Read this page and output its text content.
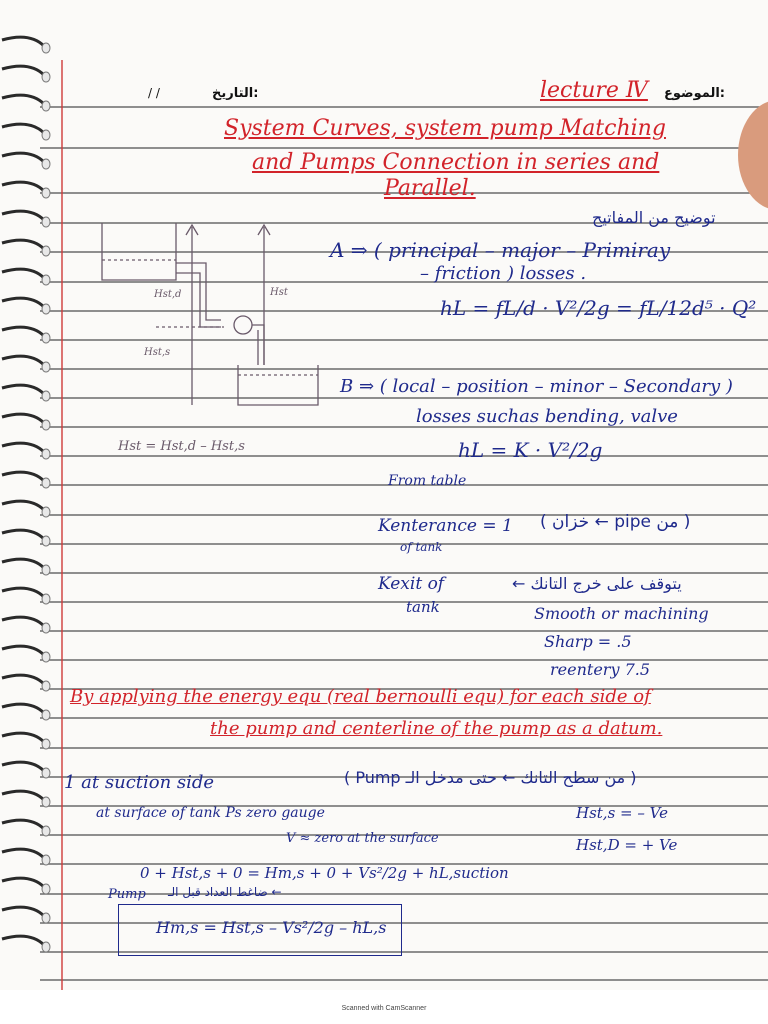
التاريخ:
/ /	lecture Ⅳ الموضوع:
System Curves, system pump Matching
and Pumps Connection in series and
Parallel.
Hst,d	Hst
Hst,s
توضيح من المفاتيح
A ⇒ ( principal – major – Primiray
– friction ) losses .
hL = fL/d · V²/2g = fL/12d⁵ · Q²
B ⇒ ( local – position – minor – Secondary )
losses suchas bending, valve
hL = K · V²/2g
Hst = Hst,d – Hst,s
From table
Kenterance = 1 ( من pipe ← خزان )
of tank
Kexit of
tank
يتوقف على خرج التانك ←
Smooth or machining
Sharp = .5
reentery 7.5
By applying the energy equ (real bernoulli equ) for each side of
the pump and centerline of the pump as a datum.
1 at suction side	( من سطح التانك ← حتى مدخل الـ Pump )
at surface of tank Ps zero gauge
V ≈ zero at the surface
Hst,s = – Ve
Hst,D = + Ve
0 + Hst,s + 0 = Hm,s + 0 + Vs²/2g + hL,suction
← ضاغط العداد قبل الـ
Pump
Hm,s = Hst,s – Vs²/2g – hL,s
Scanned with CamScanner
